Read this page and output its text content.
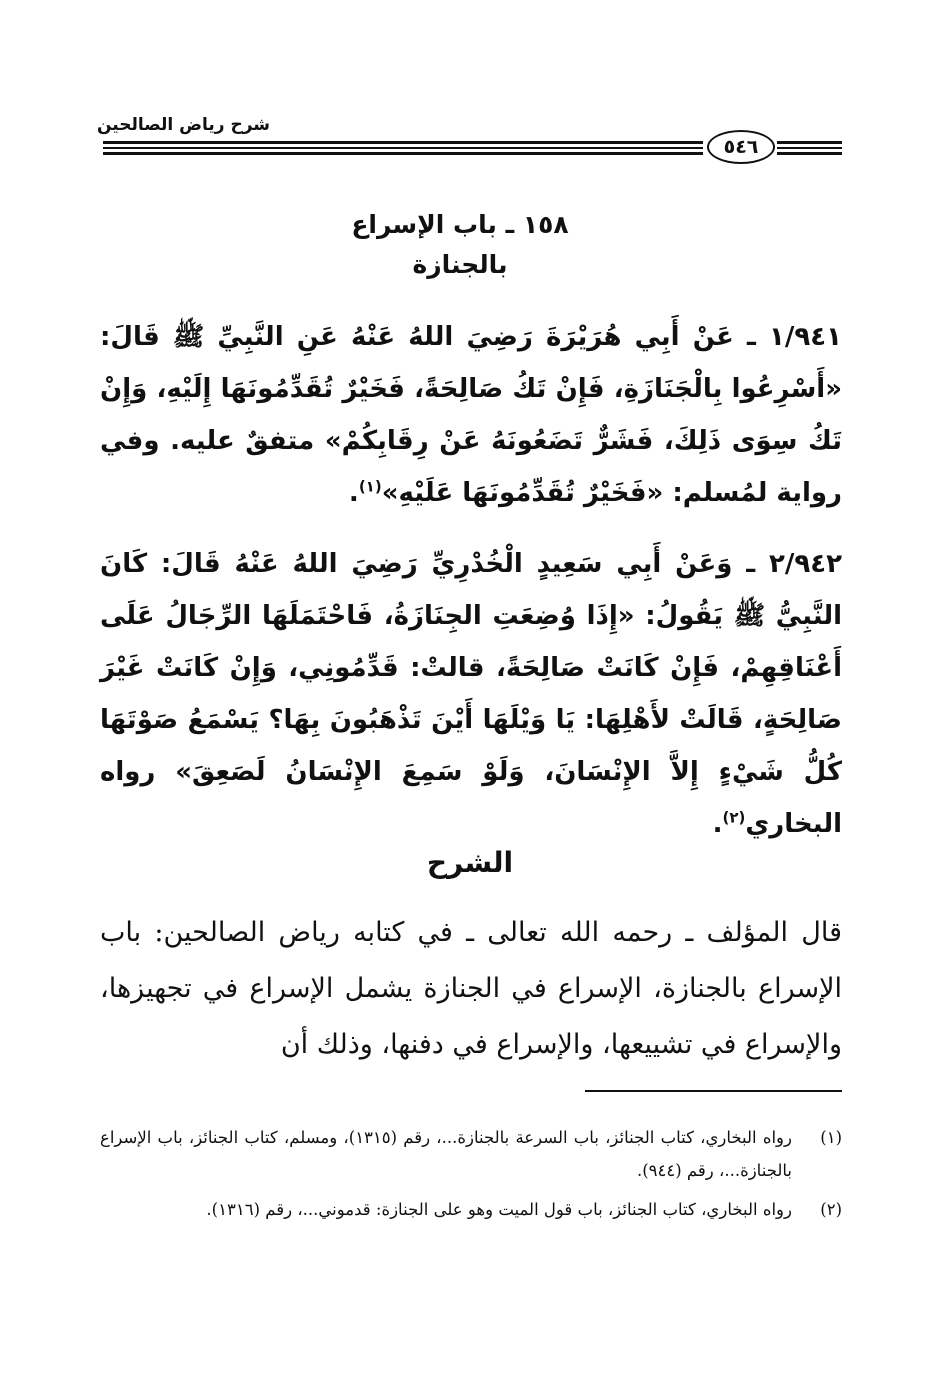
شرح رياض الصالحين
٥٤٦
١٥٨ ـ باب الإسراع بالجنازة
١/٩٤١ ـ عَنْ أَبِي هُرَيْرَةَ رَضِيَ اللهُ عَنْهُ عَنِ النَّبِيِّ ﷺ قَالَ: «أَسْرِعُوا بِالْجَنَازَةِ، فَإِنْ تَكُ صَالِحَةً، فَخَيْرٌ تُقَدِّمُونَهَا إِلَيْهِ، وَإِنْ تَكُ سِوَى ذَلِكَ، فَشَرٌّ تَضَعُونَهُ عَنْ رِقَابِكُمْ» متفقٌ عليه. وفي رواية لمُسلم: «فَخَيْرٌ تُقَدِّمُونَهَا عَلَيْهِ»$^{(١)}$.
٢/٩٤٢ ـ وَعَنْ أَبِي سَعِيدٍ الْخُدْرِيِّ رَضِيَ اللهُ عَنْهُ قَالَ: كَانَ النَّبِيُّ ﷺ يَقُولُ: «إِذَا وُضِعَتِ الجِنَازَةُ، فَاحْتَمَلَهَا الرِّجَالُ عَلَى أَعْنَاقِهِمْ، فَإِنْ كَانَتْ صَالِحَةً، قالتْ: قَدِّمُونِي، وَإِنْ كَانَتْ غَيْرَ صَالِحَةٍ، قَالَتْ لأَهْلِهَا: يَا وَيْلَهَا أَيْنَ تَذْهَبُونَ بِهَا؟ يَسْمَعُ صَوْتَهَا كُلُّ شَيْءٍ إِلاَّ الإِنْسَانَ، وَلَوْ سَمِعَ الإِنْسَانُ لَصَعِقَ» رواه البخاري$^{(٢)}$.
الشرح
قال المؤلف ـ رحمه الله تعالى ـ في كتابه رياض الصالحين: باب الإسراع بالجنازة، الإسراع في الجنازة يشمل الإسراع في تجهيزها، والإسراع في تشييعها، والإسراع في دفنها، وذلك أن
(١)
رواه البخاري، كتاب الجنائز، باب السرعة بالجنازة...، رقم (١٣١٥)، ومسلم، كتاب الجنائز، باب الإسراع بالجنازة...، رقم (٩٤٤).
(٢)
رواه البخاري، كتاب الجنائز، باب قول الميت وهو على الجنازة: قدموني...، رقم (١٣١٦).
